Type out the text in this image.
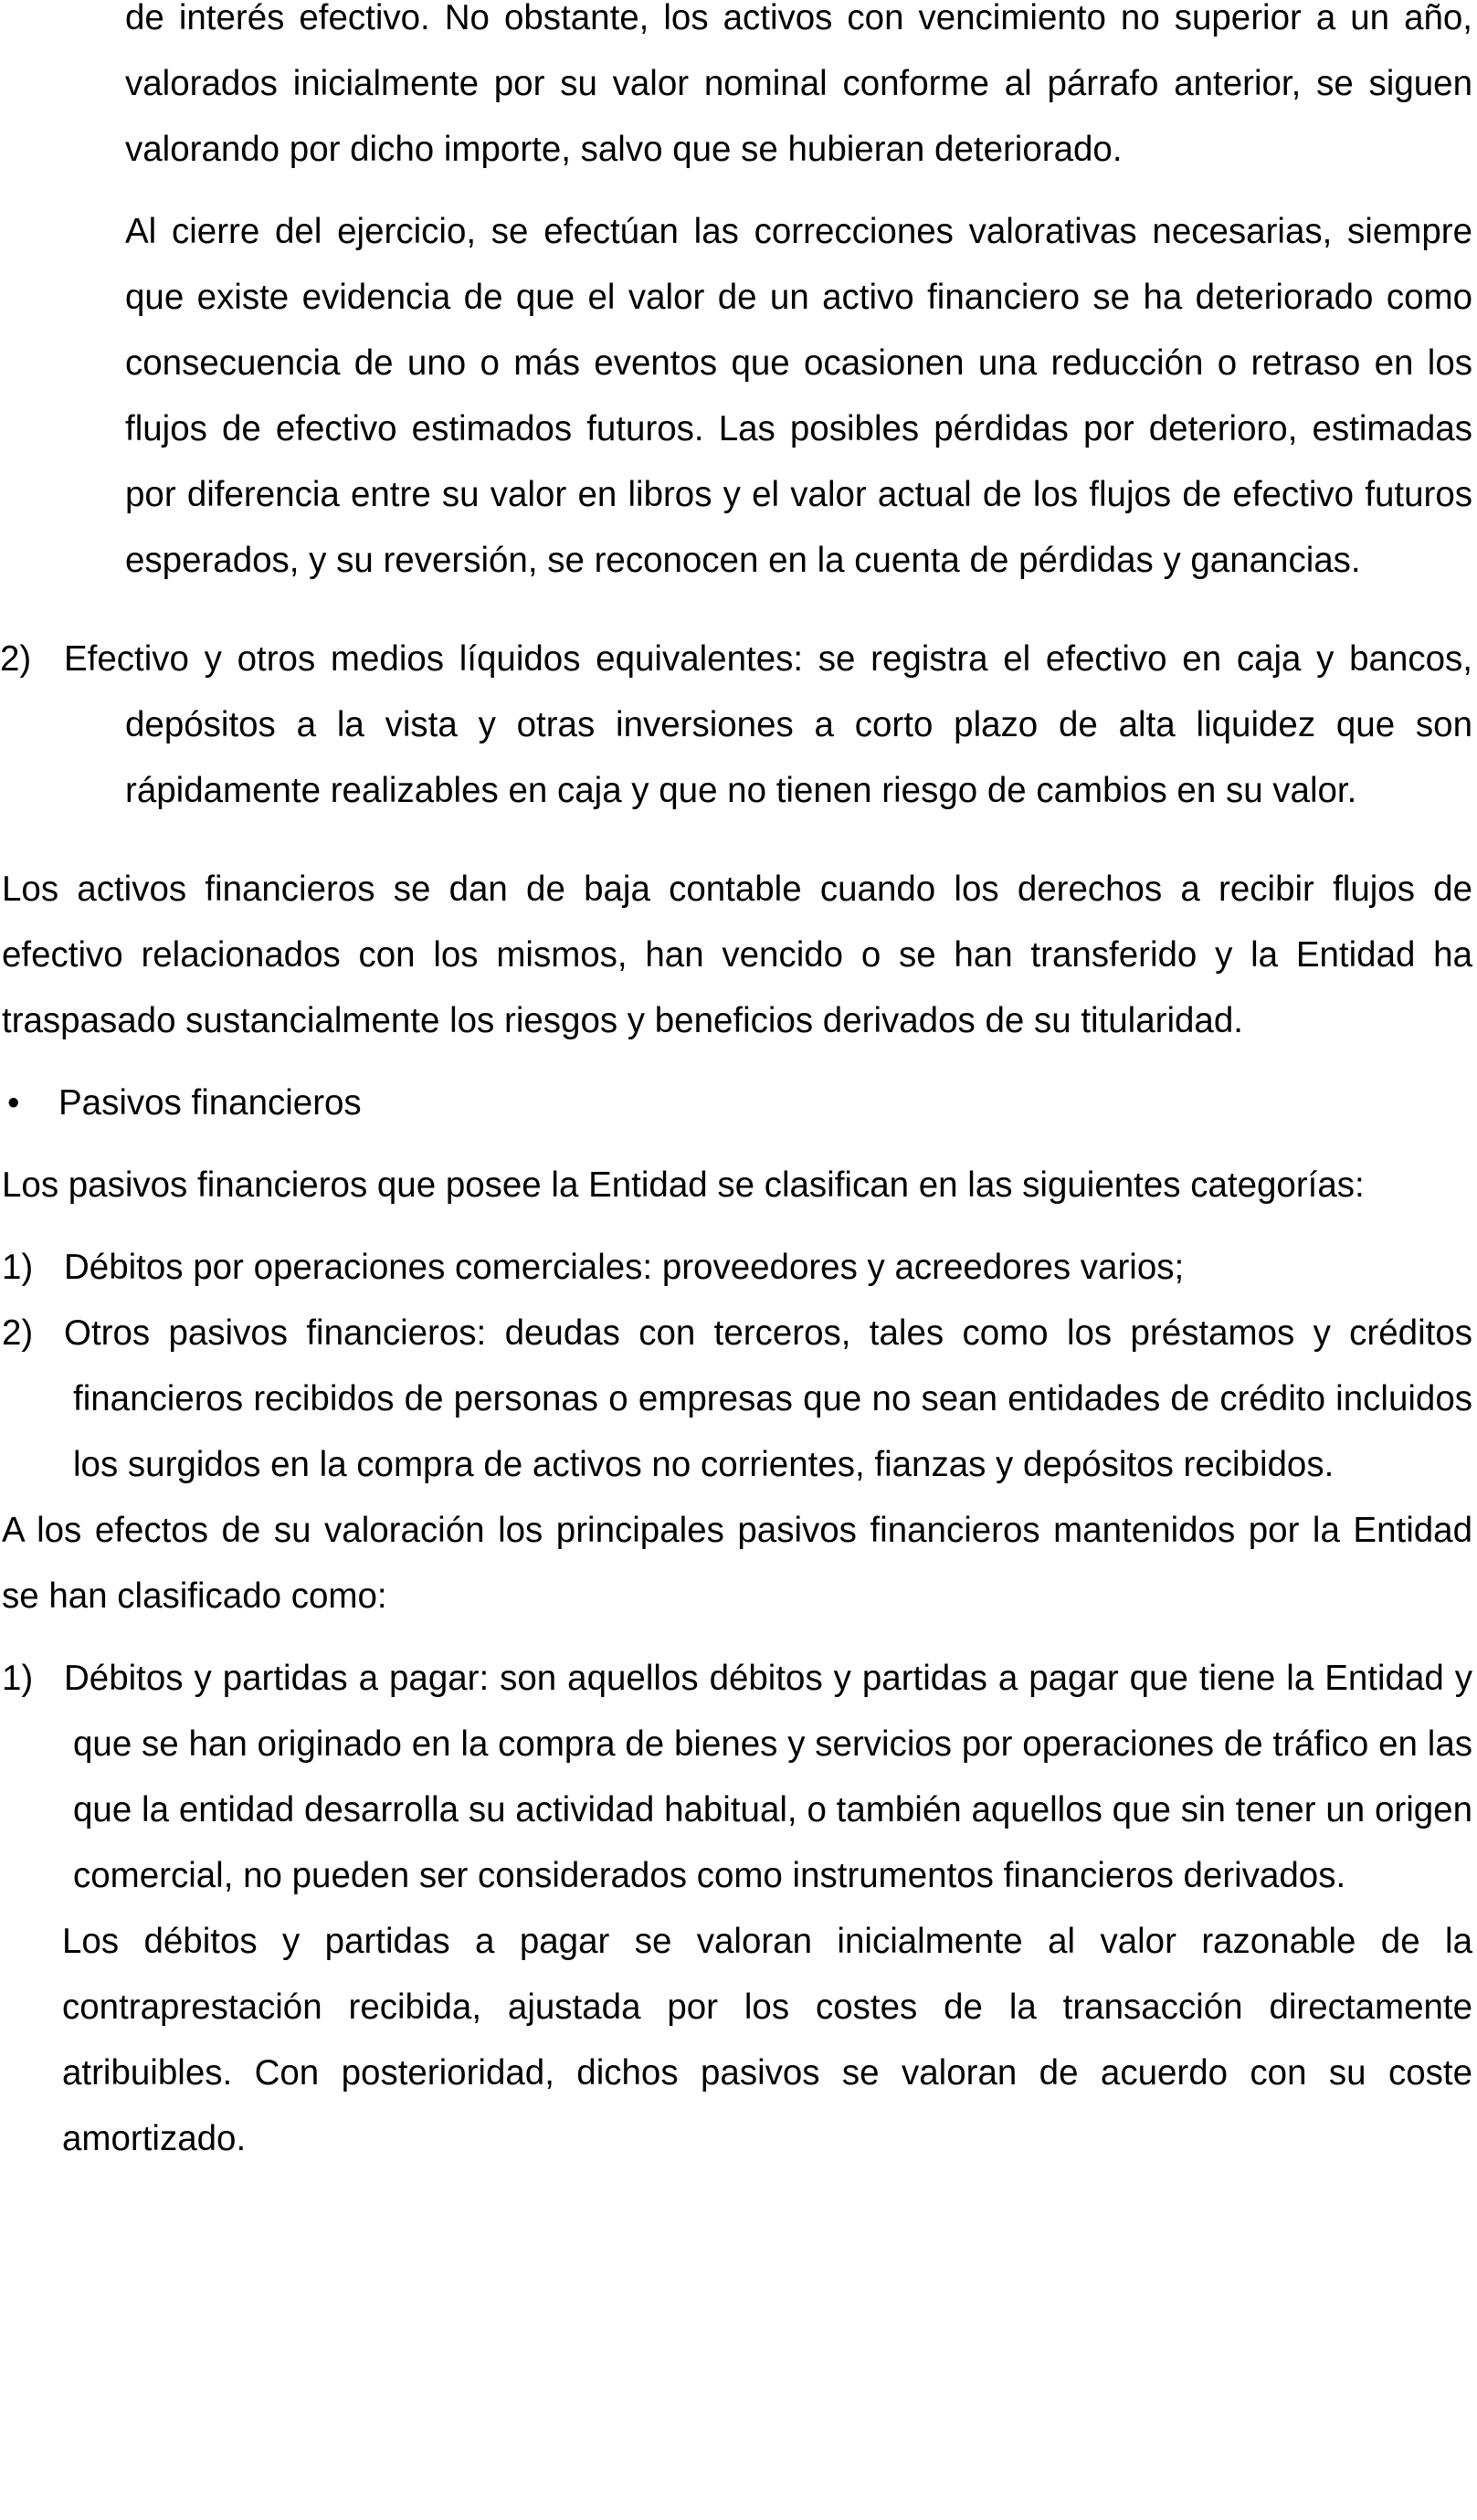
de interés efectivo. No obstante, los activos con vencimiento no superior a un año, valorados inicialmente por su valor nominal conforme al párrafo anterior, se siguen valorando por dicho importe, salvo que se hubieran deteriorado.

Al cierre del ejercicio, se efectúan las correcciones valorativas necesarias, siempre que existe evidencia de que el valor de un activo financiero se ha deteriorado como consecuencia de uno o más eventos que ocasionen una reducción o retraso en los flujos de efectivo estimados futuros. Las posibles pérdidas por deterioro, estimadas por diferencia entre su valor en libros y el valor actual de los flujos de efectivo futuros esperados, y su reversión, se reconocen en la cuenta de pérdidas y ganancias.

2) Efectivo y otros medios líquidos equivalentes: se registra el efectivo en caja y bancos, depósitos a la vista y otras inversiones a corto plazo de alta liquidez que son rápidamente realizables en caja y que no tienen riesgo de cambios en su valor.

Los activos financieros se dan de baja contable cuando los derechos a recibir flujos de efectivo relacionados con los mismos, han vencido o se han transferido y la Entidad ha traspasado sustancialmente los riesgos y beneficios derivados de su titularidad.

• Pasivos financieros

Los pasivos financieros que posee la Entidad se clasifican en las siguientes categorías:

1) Débitos por operaciones comerciales: proveedores y acreedores varios;

2) Otros pasivos financieros: deudas con terceros, tales como los préstamos y créditos financieros recibidos de personas o empresas que no sean entidades de crédito incluidos los surgidos en la compra de activos no corrientes, fianzas y depósitos recibidos.

A los efectos de su valoración los principales pasivos financieros mantenidos por la Entidad se han clasificado como:

1) Débitos y partidas a pagar: son aquellos débitos y partidas a pagar que tiene la Entidad y que se han originado en la compra de bienes y servicios por operaciones de tráfico en las que la entidad desarrolla su actividad habitual, o también aquellos que sin tener un origen comercial, no pueden ser considerados como instrumentos financieros derivados.

Los débitos y partidas a pagar se valoran inicialmente al valor razonable de la contraprestación recibida, ajustada por los costes de la transacción directamente atribuibles. Con posterioridad, dichos pasivos se valoran de acuerdo con su coste amortizado.
